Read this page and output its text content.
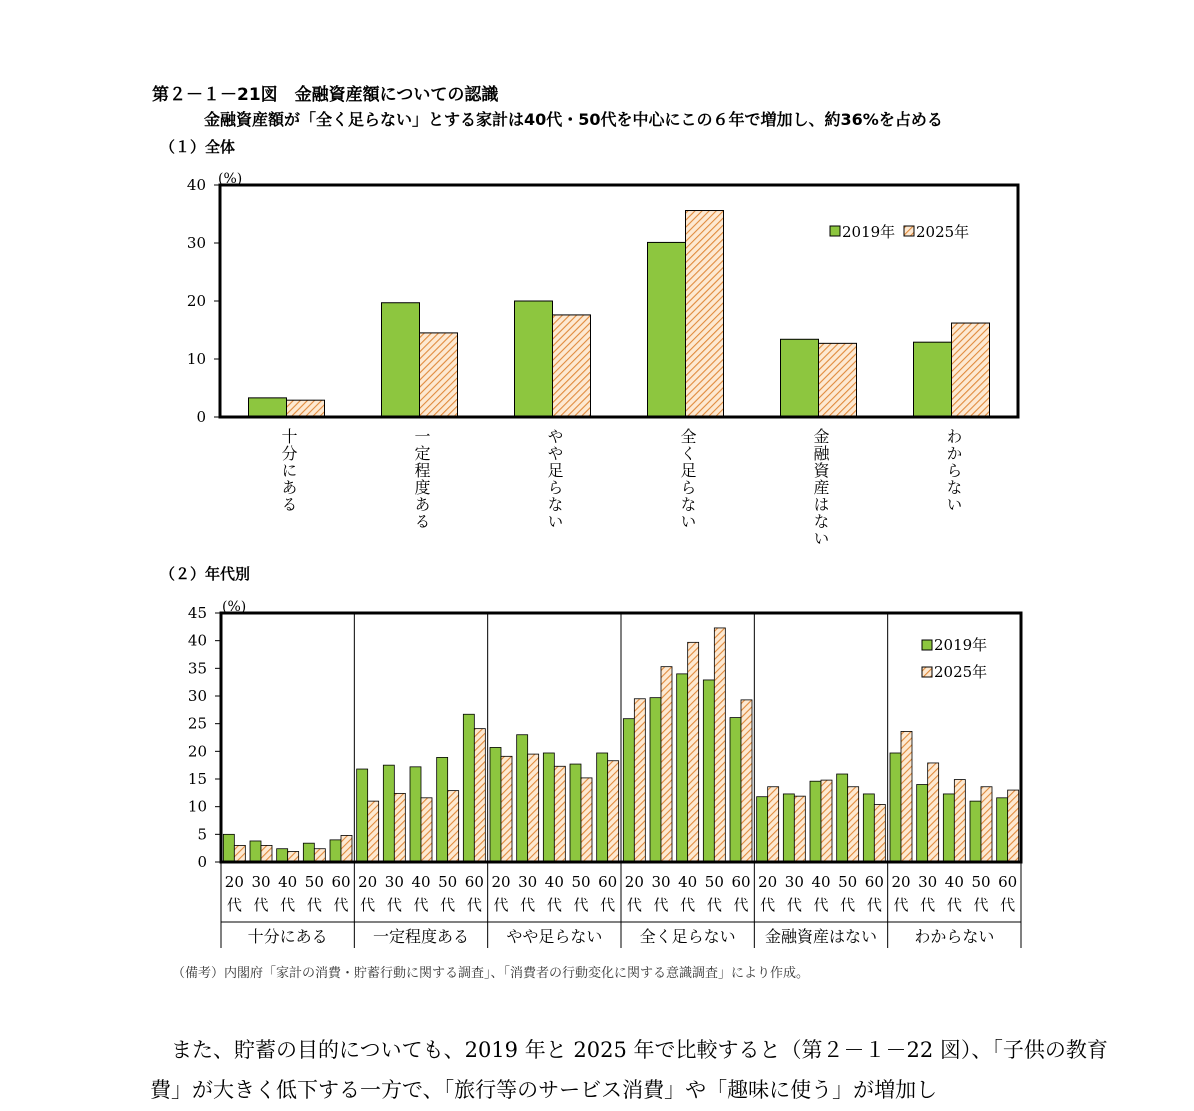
第２－１－21図　金融資産額についての認識
金融資産額が「全く足らない」とする家計は40代・50代を中心にこの６年で増加し、約36%を占める
（１）全体
0
10
20
30
40 (%)
十分にある	一定程度ある	やや足らない	全く足らない	金融資産はない	わからない
2019年 2025年
（２）年代別
0
5
10
15
20
25
30
35
40
45 (%)
20
代
30
代
40
代
50
代
60
代
十分にある
20
代
30
代
40
代
50
代
60
代
一定程度ある
20
代
30
代
40
代
50
代
60
代
やや足らない
20
代
30
代
40
代
50
代
60
代
全く足らない
20
代
30
代
40
代
50
代
60
代
金融資産はない
20
代
30
代
40
代
50
代
60
代
わからない
2019年
2025年
（備考）内閣府「家計の消費・貯蓄行動に関する調査」、「消費者の行動変化に関する意識調査」により作成。

また、貯蓄の目的についても、2019 年と 2025 年で比較すると（第２－１－22 図）、「子供の教育費」が大きく低下する一方で、「旅行等のサービス消費」や「趣味に使う」が増加し
